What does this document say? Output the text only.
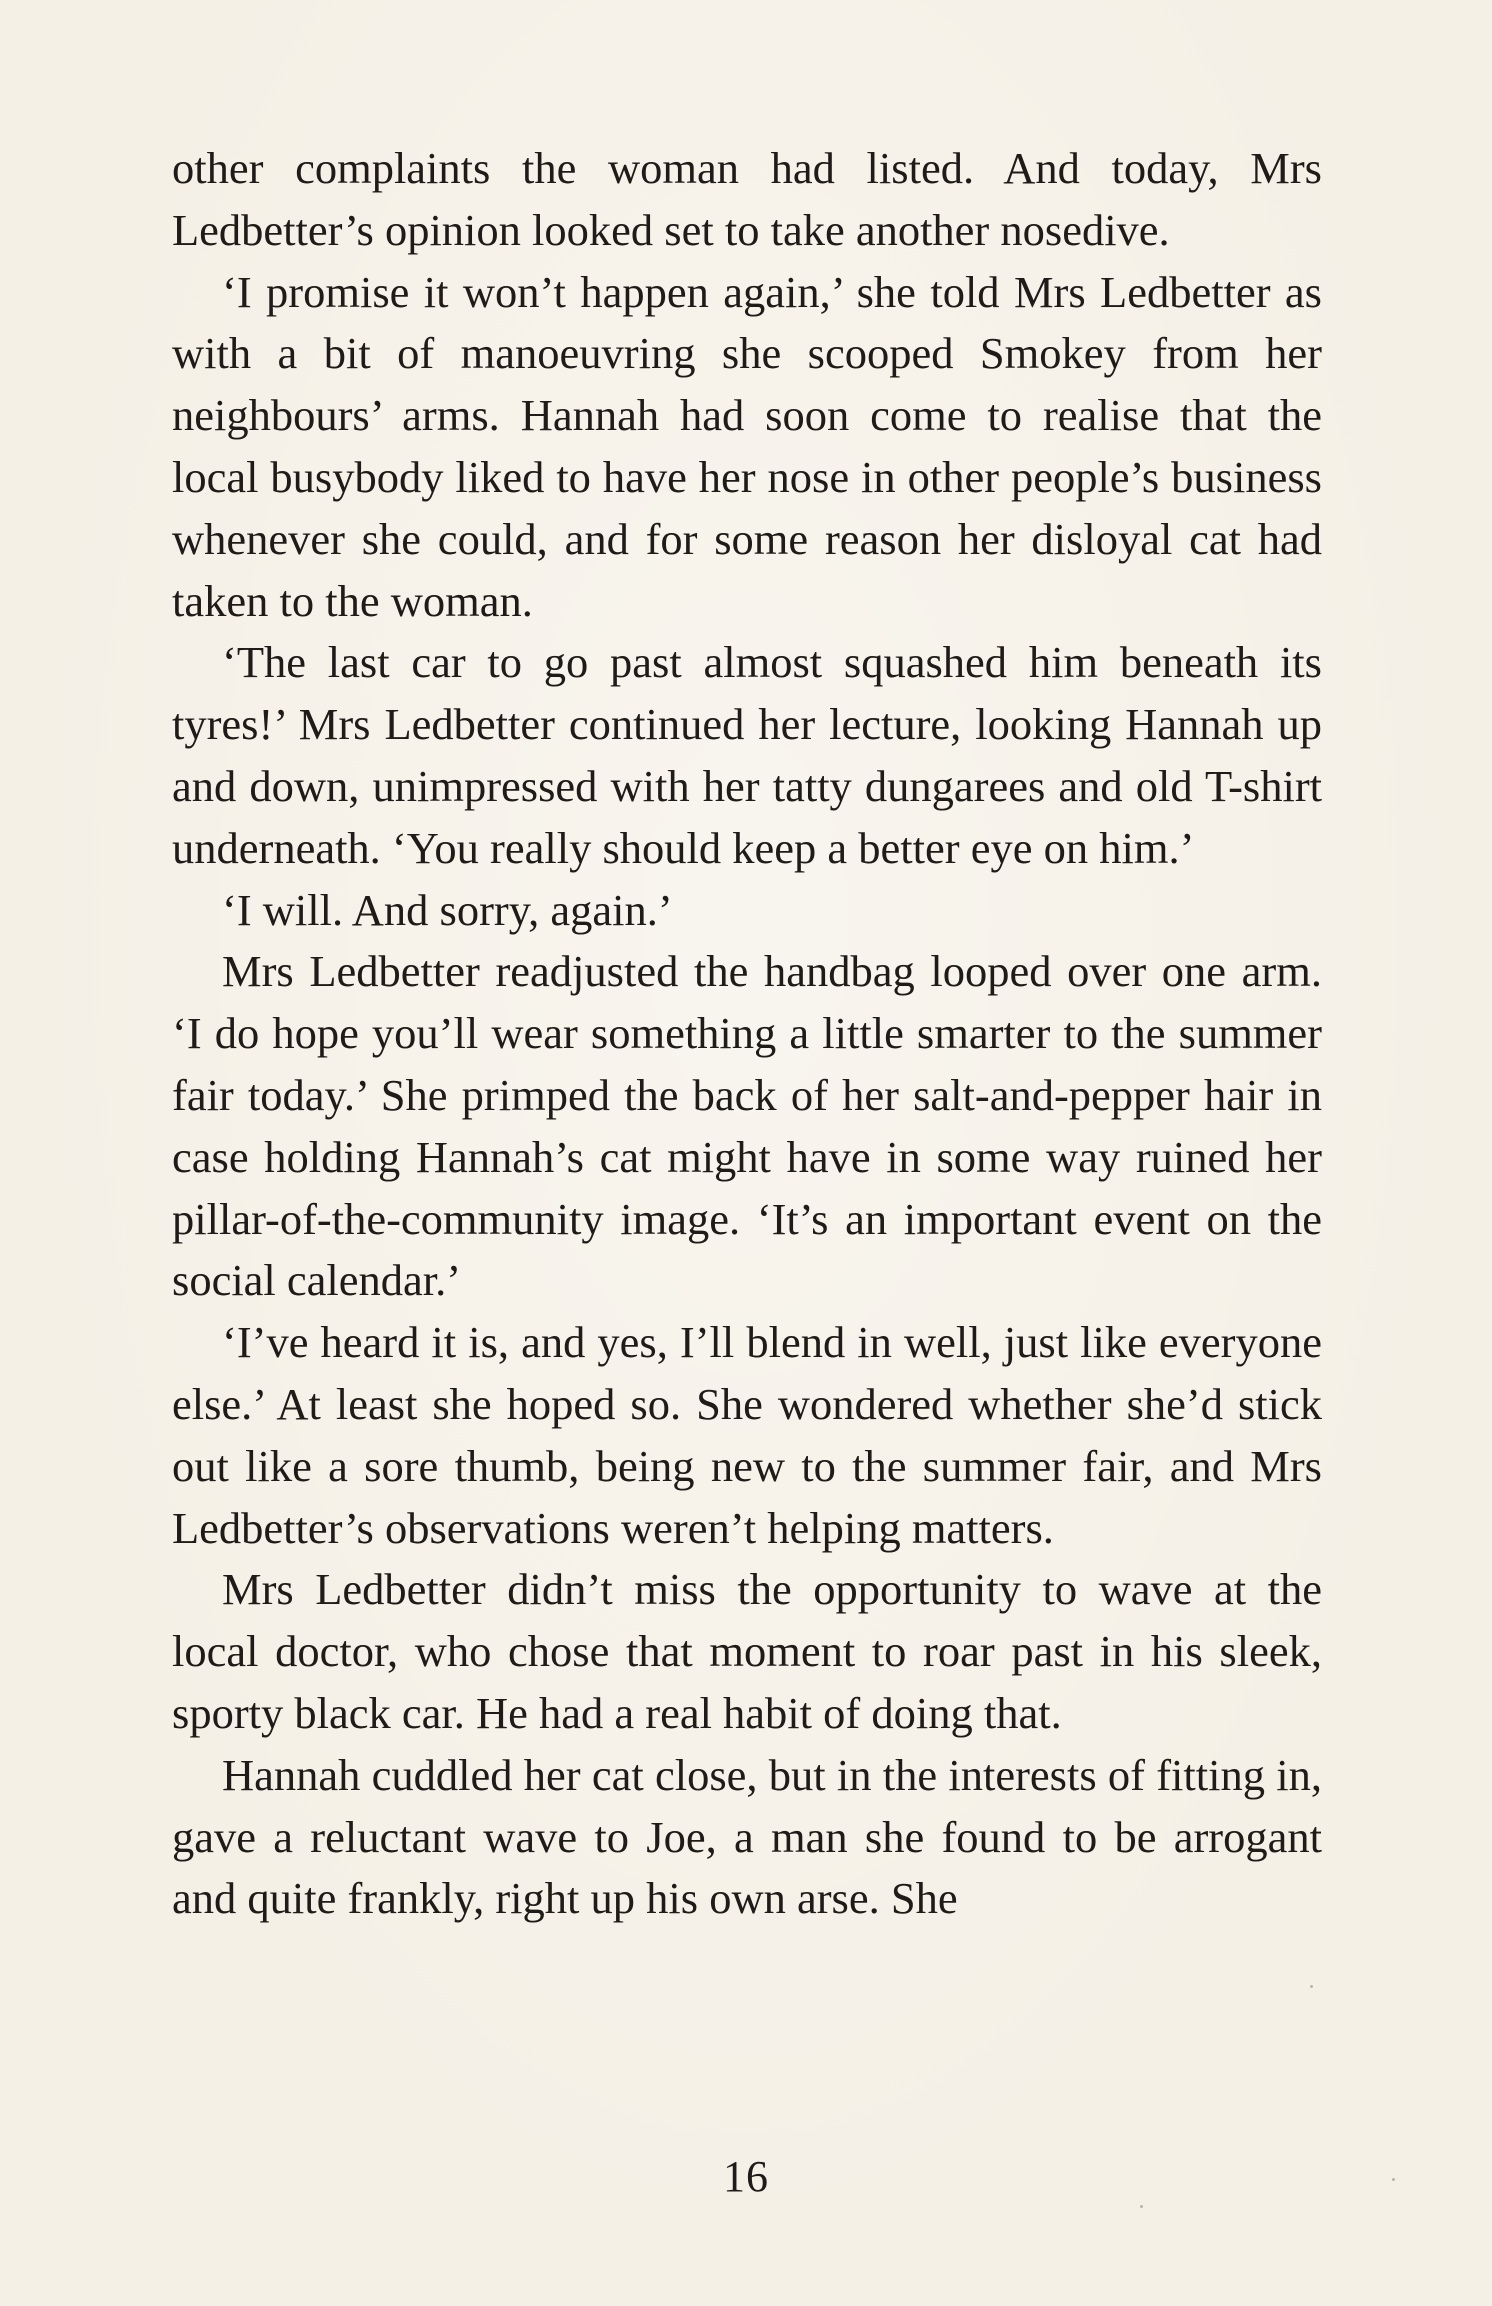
other complaints the woman had listed. And today, Mrs Ledbetter’s opinion looked set to take another nosedive.

‘I promise it won’t happen again,’ she told Mrs Ledbetter as with a bit of manoeuvring she scooped Smokey from her neighbours’ arms. Hannah had soon come to realise that the local busybody liked to have her nose in other people’s business whenever she could, and for some reason her disloyal cat had taken to the woman.

‘The last car to go past almost squashed him beneath its tyres!’ Mrs Ledbetter continued her lecture, looking Hannah up and down, unimpressed with her tatty dungarees and old T-shirt underneath. ‘You really should keep a better eye on him.’

‘I will. And sorry, again.’

Mrs Ledbetter readjusted the handbag looped over one arm. ‘I do hope you’ll wear something a little smarter to the summer fair today.’ She primped the back of her salt-and-pepper hair in case holding Hannah’s cat might have in some way ruined her pillar-of-the-community image. ‘It’s an important event on the social calendar.’

‘I’ve heard it is, and yes, I’ll blend in well, just like everyone else.’ At least she hoped so. She wondered whether she’d stick out like a sore thumb, being new to the summer fair, and Mrs Ledbetter’s observations weren’t helping matters.

Mrs Ledbetter didn’t miss the opportunity to wave at the local doctor, who chose that moment to roar past in his sleek, sporty black car. He had a real habit of doing that.

Hannah cuddled her cat close, but in the interests of fitting in, gave a reluctant wave to Joe, a man she found to be arrogant and quite frankly, right up his own arse. She

16
